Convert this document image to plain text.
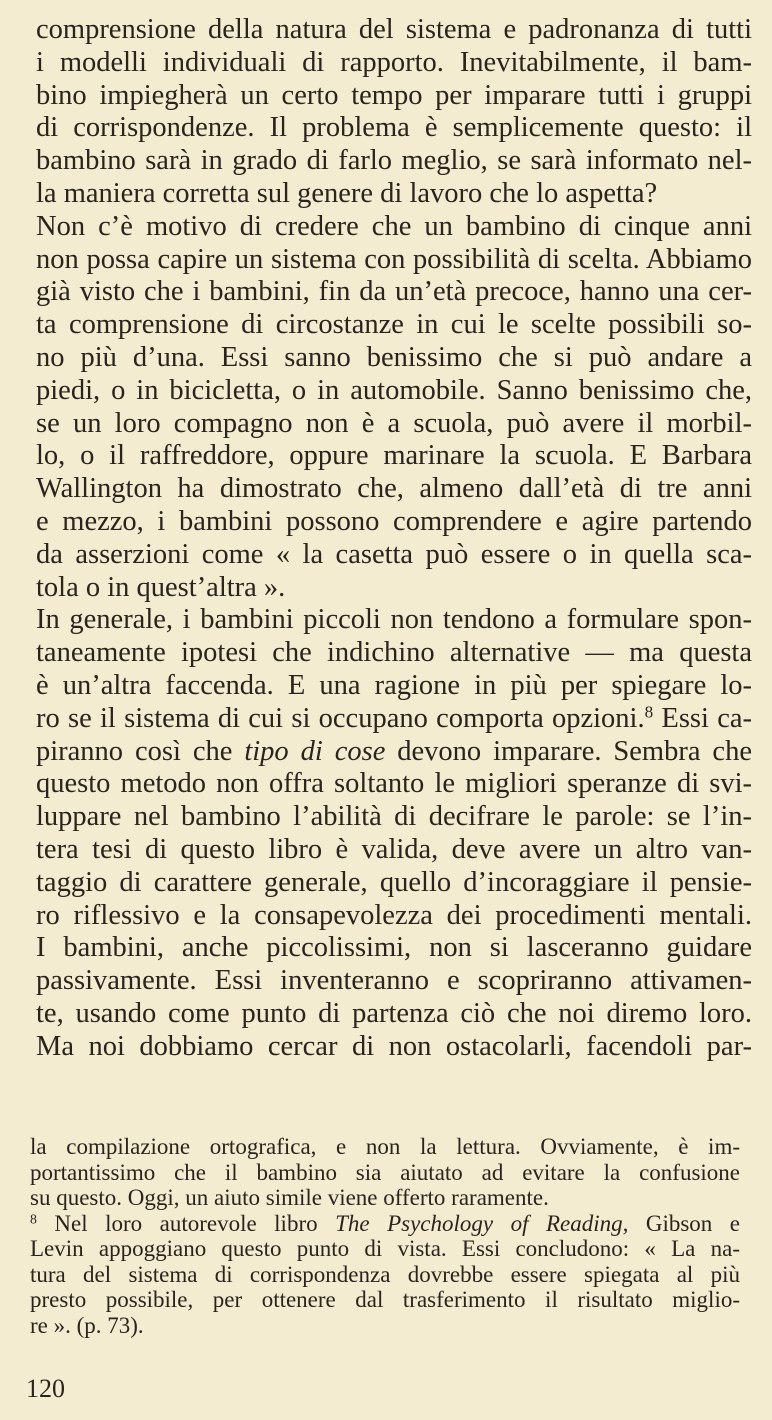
comprensione della natura del sistema e padronanza di tutti
i modelli individuali di rapporto. Inevitabilmente, il bam-
bino impiegherà un certo tempo per imparare tutti i gruppi
di corrispondenze. Il problema è semplicemente questo: il
bambino sarà in grado di farlo meglio, se sarà informato nel-
la maniera corretta sul genere di lavoro che lo aspetta?
Non c’è motivo di credere che un bambino di cinque anni
non possa capire un sistema con possibilità di scelta. Abbiamo
già visto che i bambini, fin da un’età precoce, hanno una cer-
ta comprensione di circostanze in cui le scelte possibili so-
no più d’una. Essi sanno benissimo che si può andare a
piedi, o in bicicletta, o in automobile. Sanno benissimo che,
se un loro compagno non è a scuola, può avere il morbil-
lo, o il raffreddore, oppure marinare la scuola. E Barbara
Wallington ha dimostrato che, almeno dall’età di tre anni
e mezzo, i bambini possono comprendere e agire partendo
da asserzioni come « la casetta può essere o in quella sca-
tola o in quest’altra ».
In generale, i bambini piccoli non tendono a formulare spon-
taneamente ipotesi che indichino alternative — ma questa
è un’altra faccenda. E una ragione in più per spiegare lo-
ro se il sistema di cui si occupano comporta opzioni.$^8$ Essi ca-
piranno così che tipo di cose devono imparare. Sembra che
questo metodo non offra soltanto le migliori speranze di svi-
luppare nel bambino l’abilità di decifrare le parole: se l’in-
tera tesi di questo libro è valida, deve avere un altro van-
taggio di carattere generale, quello d’incoraggiare il pensie-
ro riflessivo e la consapevolezza dei procedimenti mentali.
I bambini, anche piccolissimi, non si lasceranno guidare
passivamente. Essi inventeranno e scopriranno attivamen-
te, usando come punto di partenza ciò che noi diremo loro.
Ma noi dobbiamo cercar di non ostacolarli, facendoli par-
la compilazione ortografica, e non la lettura. Ovviamente, è im-
portantissimo che il bambino sia aiutato ad evitare la confusione
su questo. Oggi, un aiuto simile viene offerto raramente.
$^8$ Nel loro autorevole libro The Psychology of Reading, Gibson e
Levin appoggiano questo punto di vista. Essi concludono: « La na-
tura del sistema di corrispondenza dovrebbe essere spiegata al più
presto possibile, per ottenere dal trasferimento il risultato miglio-
re ». (p. 73).
120
